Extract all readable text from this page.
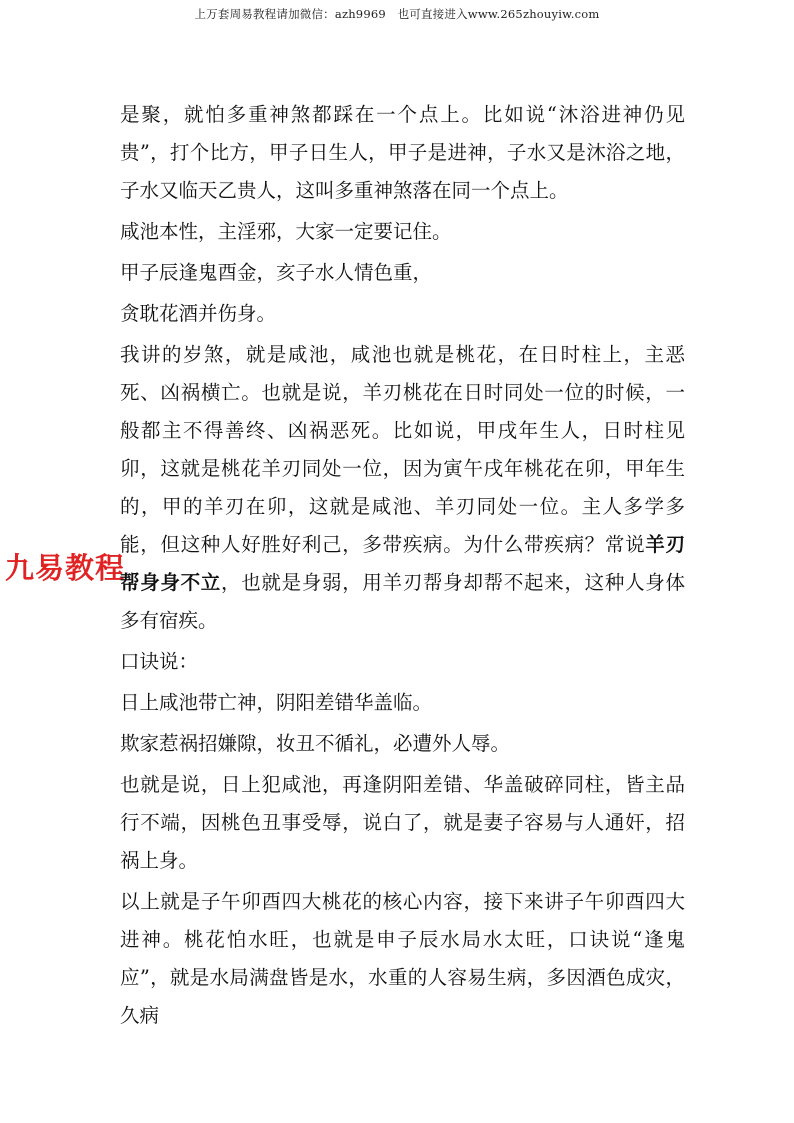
上万套周易教程请加微信：azh9969　也可直接进入www.265zhouyiw.com
九易教程

是聚，就怕多重神煞都踩在一个点上。比如说“沐浴进神仍见贵”，打个比方，甲子日生人，甲子是进神，子水又是沐浴之地，子水又临天乙贵人，这叫多重神煞落在同一个点上。

咸池本性，主淫邪，大家一定要记住。

甲子辰逢鬼酉金，亥子水人情色重，

贪耽花酒并伤身。

我讲的岁煞，就是咸池，咸池也就是桃花，在日时柱上，主恶死、凶祸横亡。也就是说，羊刃桃花在日时同处一位的时候，一般都主不得善终、凶祸恶死。比如说，甲戌年生人，日时柱见卯，这就是桃花羊刃同处一位，因为寅午戌年桃花在卯，甲年生的，甲的羊刃在卯，这就是咸池、羊刃同处一位。主人多学多能，但这种人好胜好利己，多带疾病。为什么带疾病？常说羊刃帮身身不立，也就是身弱，用羊刃帮身却帮不起来，这种人身体多有宿疾。

口诀说：

日上咸池带亡神，阴阳差错华盖临。

欺家惹祸招嫌隙，妆丑不循礼，必遭外人辱。

也就是说，日上犯咸池，再逢阴阳差错、华盖破碎同柱，皆主品行不端，因桃色丑事受辱，说白了，就是妻子容易与人通奸，招祸上身。

以上就是子午卯酉四大桃花的核心内容，接下来讲子午卯酉四大进神。桃花怕水旺，也就是申子辰水局水太旺，口诀说“逢鬼应”，就是水局满盘皆是水，水重的人容易生病，多因酒色成灾，久病
